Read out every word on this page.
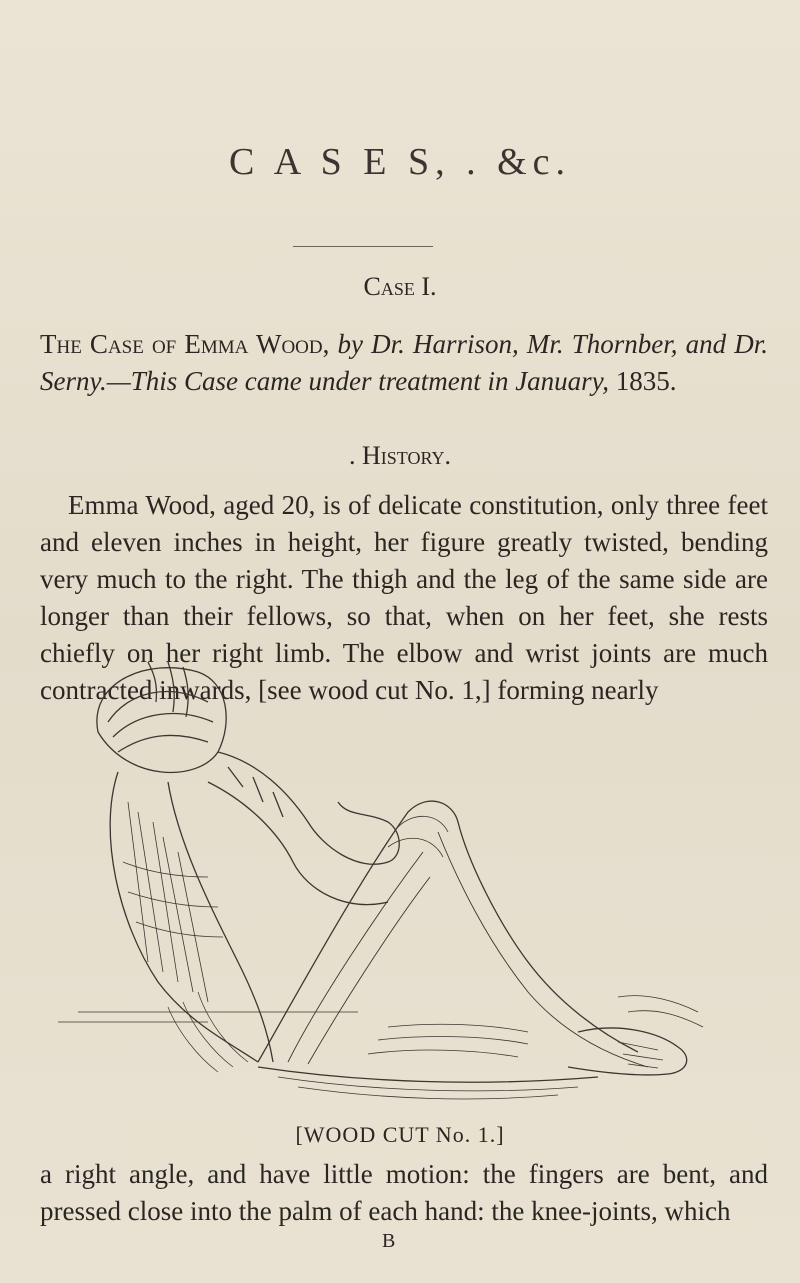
C A S E S, . &c.
Case I.
The Case of Emma Wood, by Dr. Harrison, Mr. Thornber, and Dr. Serny.—This Case came under treatment in January, 1835.
. History.
Emma Wood, aged 20, is of delicate constitution, only three feet and eleven inches in height, her figure greatly twisted, bending very much to the right. The thigh and the leg of the same side are longer than their fellows, so that, when on her feet, she rests chiefly on her right limb. The elbow and wrist joints are much contracted inwards, [see wood cut No. 1,] forming nearly
[WOOD CUT No. 1.]
a right angle, and have little motion: the fingers are bent, and pressed close into the palm of each hand: the knee-joints, which
B
